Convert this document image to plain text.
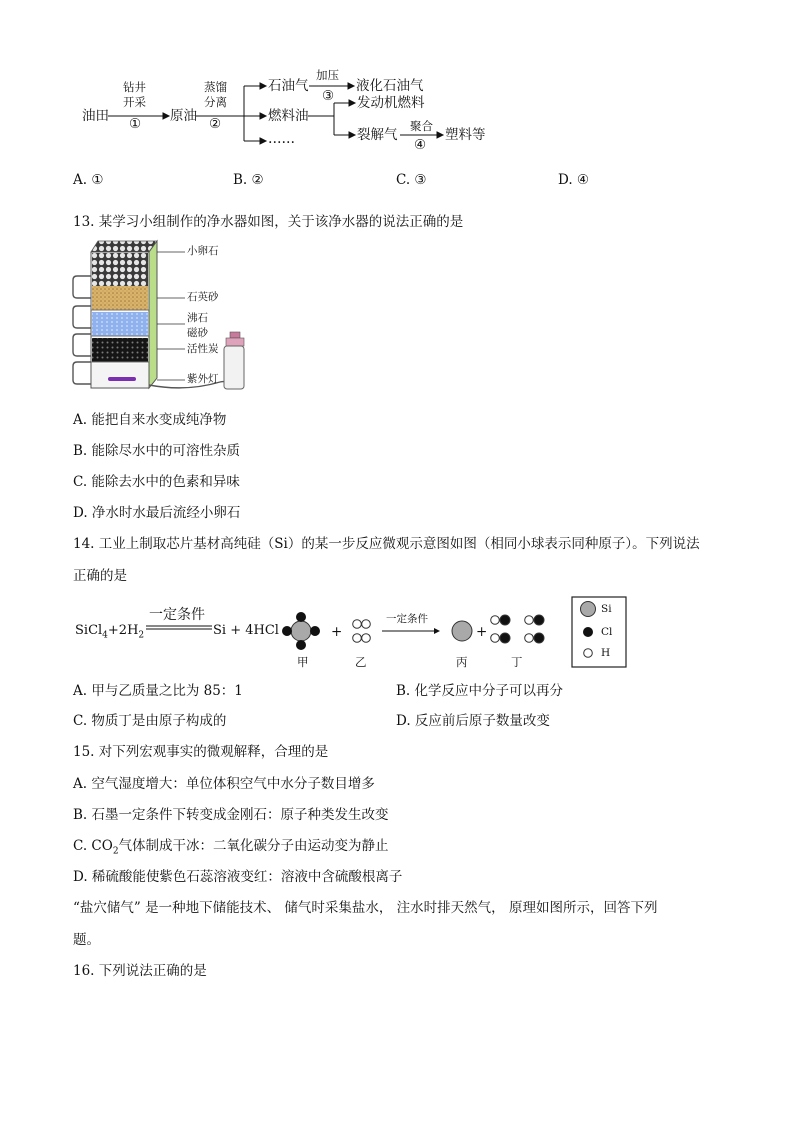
油田
钻井
开采
① 原油
蒸馏
分离
②
石油气
加压
③
液化石油气
燃料油
发动机燃料
裂解气
聚合
④
塑料等
……
A. ①	B. ②	C. ③	D. ④
13. 某学习小组制作的净水器如图，关于该净水器的说法正确的是
小卵石
石英砂
沸石
磁砂
活性炭
紫外灯
A. 能把自来水变成纯净物
B. 能除尽水中的可溶性杂质
C. 能除去水中的色素和异味
D. 净水时水最后流经小卵石
14. 工业上制取芯片基材高纯硅（Si）的某一步反应微观示意图如图（相同小球表示同种原子）。下列说法
正确的是
$SiCl_4+2H_2$
一定条件
Si + 4HCl	+	+
一定条件
甲	乙	丙	丁
Si
Cl
H
A. 甲与乙质量之比为 85：1	B. 化学反应中分子可以再分
C. 物质丁是由原子构成的	D. 反应前后原子数量改变
15. 对下列宏观事实的微观解释，合理的是
A. 空气湿度增大：单位体积空气中水分子数目增多
B. 石墨一定条件下转变成金刚石：原子种类发生改变
C. $CO_2$气体制成干冰：二氧化碳分子由运动变为静止
D. 稀硫酸能使紫色石蕊溶液变红：溶液中含硫酸根离子
“盐穴储气” 是一种地下储能技术、 储气时采集盐水， 注水时排天然气， 原理如图所示，回答下列
题。
16. 下列说法正确的是
